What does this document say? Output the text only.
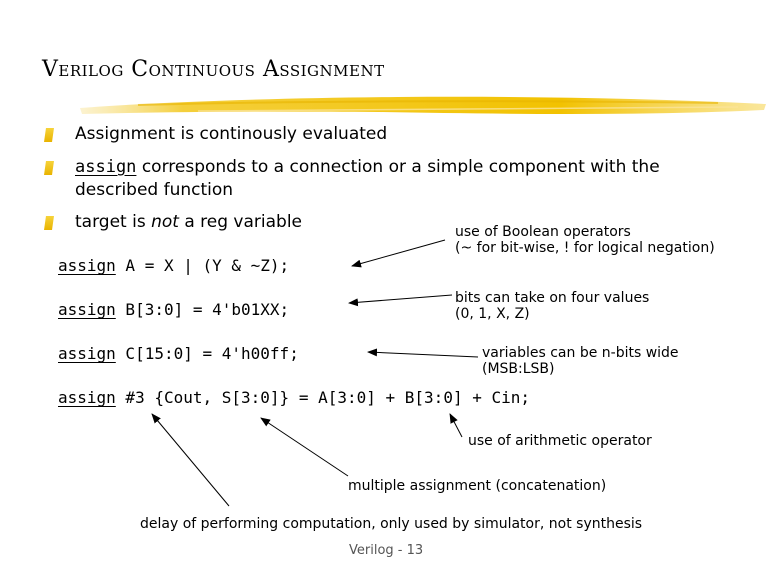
Verilog Continuous Assignment
Assignment is continously evaluated
assign corresponds to a connection or a simple component with the
described function
target is not a reg variable
assign A = X | (Y & ~Z);
assign B[3:0] = 4'b01XX;
assign C[15:0] = 4'h00ff;
assign #3 {Cout, S[3:0]} = A[3:0] + B[3:0] + Cin;
use of Boolean operators
(~ for bit-wise, ! for logical negation)
bits can take on four values
(0, 1, X, Z)
variables can be n-bits wide
(MSB:LSB)
use of arithmetic operator
multiple assignment (concatenation)
delay of performing computation, only used by simulator, not synthesis
Verilog - 13
